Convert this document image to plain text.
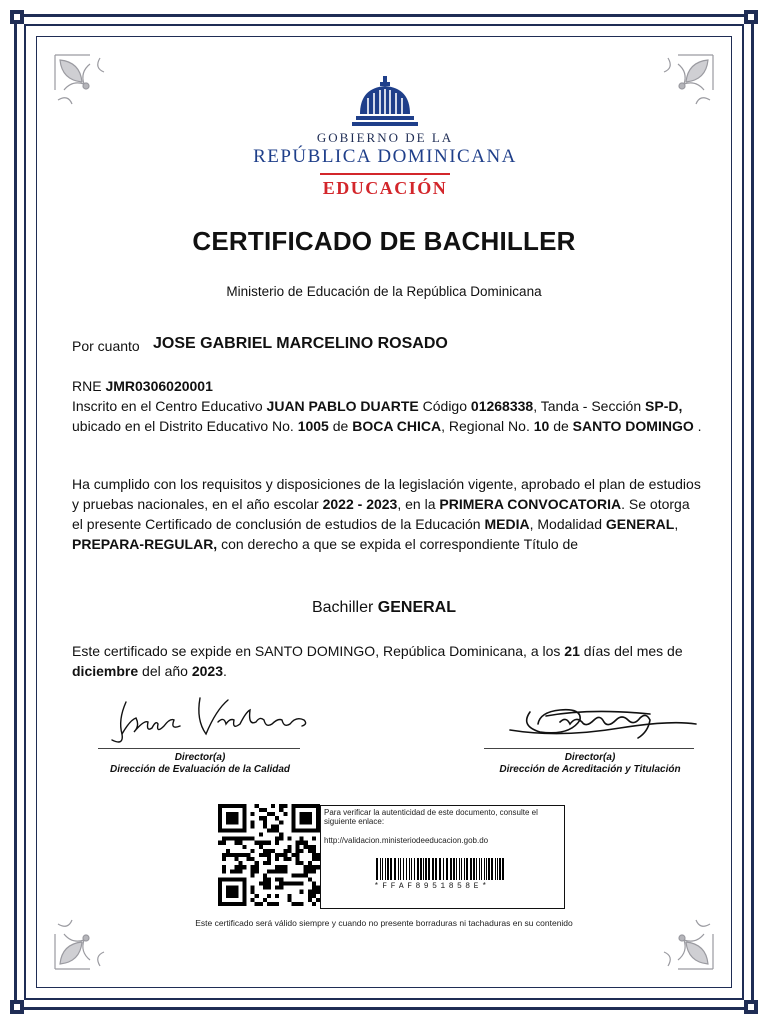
GOBIERNO DE LA
REPÚBLICA DOMINICANA
EDUCACIÓN
CERTIFICADO DE BACHILLER
Ministerio de Educación de la República Dominicana
Por cuanto JOSE GABRIEL MARCELINO ROSADO
RNE JMR0306020001
Inscrito en el Centro Educativo JUAN PABLO DUARTE Código 01268338, Tanda - Sección SP-D, ubicado en el Distrito Educativo No. 1005 de BOCA CHICA, Regional No. 10 de SANTO DOMINGO .
Ha cumplido con los requisitos y disposiciones de la legislación vigente, aprobado el plan de estudios y pruebas nacionales, en el año escolar 2022 - 2023, en la PRIMERA CONVOCATORIA. Se otorga el presente Certificado de conclusión de estudios de la Educación MEDIA, Modalidad GENERAL, PREPARA-REGULAR, con derecho a que se expida el correspondiente Título de
Bachiller GENERAL
Este certificado se expide en SANTO DOMINGO, República Dominicana, a los 21 días del mes de diciembre del año 2023.
Director(a)
Dirección de Evaluación de la Calidad
Director(a)
Dirección de Acreditación y Titulación
Para verificar la autenticidad de este documento, consulte el siguiente enlace:
http://validacion.ministeriodeeducacion.gob.do
*FFAF8951858E*
Este certificado será válido siempre y cuando no presente borraduras ni tachaduras en su contenido
